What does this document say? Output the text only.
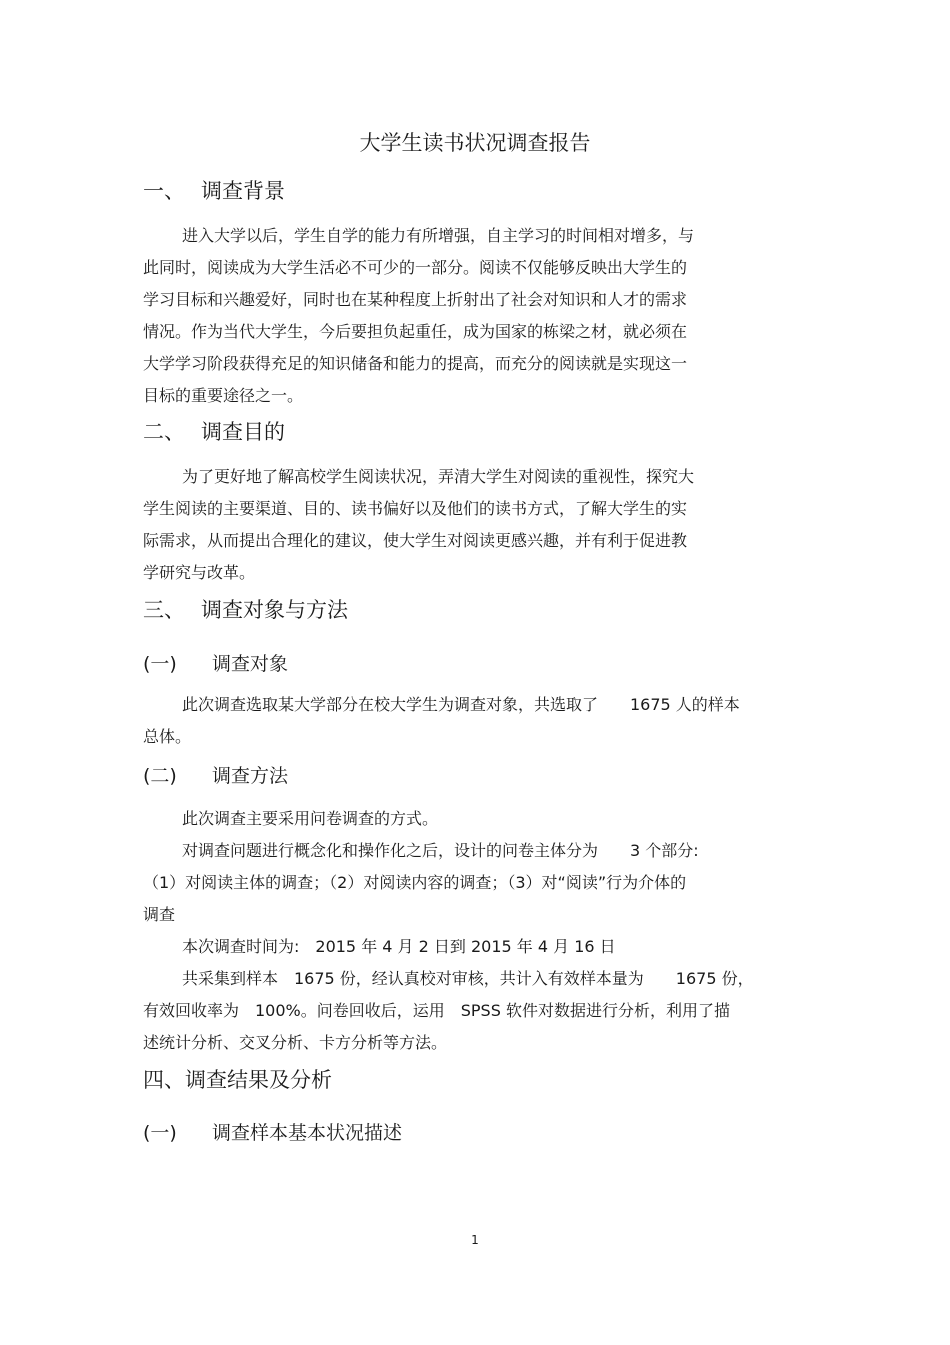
大学生读书状况调查报告
一、 调查背景
进入大学以后，学生自学的能力有所增强，自主学习的时间相对增多，与
此同时，阅读成为大学生活必不可少的一部分。阅读不仅能够反映出大学生的
学习目标和兴趣爱好，同时也在某种程度上折射出了社会对知识和人才的需求
情况。作为当代大学生，今后要担负起重任，成为国家的栋梁之材，就必须在
大学学习阶段获得充足的知识储备和能力的提高，而充分的阅读就是实现这一
目标的重要途径之一。
二、 调查目的
为了更好地了解高校学生阅读状况，弄清大学生对阅读的重视性，探究大
学生阅读的主要渠道、目的、读书偏好以及他们的读书方式，了解大学生的实
际需求，从而提出合理化的建议，使大学生对阅读更感兴趣，并有利于促进教
学研究与改革。
三、 调查对象与方法
(一) 调查对象
此次调查选取某大学部分在校大学生为调查对象，共选取了　　1675 人的样本
总体。
(二) 调查方法
此次调查主要采用问卷调查的方式。
对调查问题进行概念化和操作化之后，设计的问卷主体分为　　3 个部分:
（1）对阅读主体的调查；（2）对阅读内容的调查；（3）对“阅读”行为介体的
调查
本次调查时间为:　2015 年 4 月 2 日到 2015 年 4 月 16 日
共采集到样本　1675 份，经认真校对审核，共计入有效样本量为　　1675 份，
有效回收率为　100%。问卷回收后，运用　SPSS 软件对数据进行分析，利用了描
述统计分析、交叉分析、卡方分析等方法。
四、调查结果及分析
(一) 调查样本基本状况描述
1
